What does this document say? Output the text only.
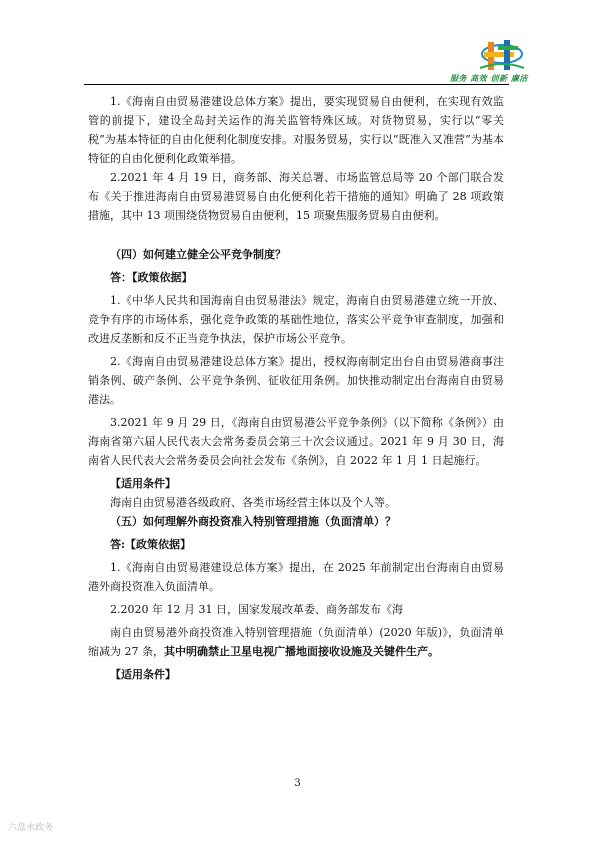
服务 高效 创新 廉洁

1.《海南自由贸易港建设总体方案》提出，要实现贸易自由便利，在实现有效监管的前提下，建设全岛封关运作的海关监管特殊区域。对货物贸易，实行以“零关税”为基本特征的自由化便利化制度安排。对服务贸易，实行以“既准入又准营”为基本特征的自由化便利化政策举措。

2.2021 年 4 月 19 日，商务部、海关总署、市场监管总局等 20 个部门联合发布《关于推进海南自由贸易港贸易自由化便利化若干措施的通知》明确了 28 项政策措施，其中 13 项围绕货物贸易自由便利，15 项聚焦服务贸易自由便利。

（四）如何建立健全公平竞争制度？

答：【政策依据】

1.《中华人民共和国海南自由贸易港法》规定，海南自由贸易港建立统一开放、竞争有序的市场体系，强化竞争政策的基础性地位，落实公平竞争审查制度，加强和改进反垄断和反不正当竞争执法，保护市场公平竞争。

2.《海南自由贸易港建设总体方案》提出，授权海南制定出台自由贸易港商事注销条例、破产条例、公平竞争条例、征收征用条例。加快推动制定出台海南自由贸易港法。

3.2021 年 9 月 29 日，《海南自由贸易港公平竞争条例》（以下简称《条例》）由海南省第六届人民代表大会常务委员会第三十次会议通过。2021 年 9 月 30 日，海南省人民代表大会常务委员会向社会发布《条例》，自 2022 年 1 月 1 日起施行。

【适用条件】

海南自由贸易港各级政府、各类市场经营主体以及个人等。

（五）如何理解外商投资准入特别管理措施（负面清单）？

答:【政策依据】

1.《海南自由贸易港建设总体方案》提出，在 2025 年前制定出台海南自由贸易港外商投资准入负面清单。

2.2020 年 12 月 31 日，国家发展改革委、商务部发布《海

南自由贸易港外商投资准入特别管理措施（负面清单）(2020 年版)》，负面清单缩减为 27 条，其中明确禁止卫星电视广播地面接收设施及关键件生产。

【适用条件】

3
六盘水政务
